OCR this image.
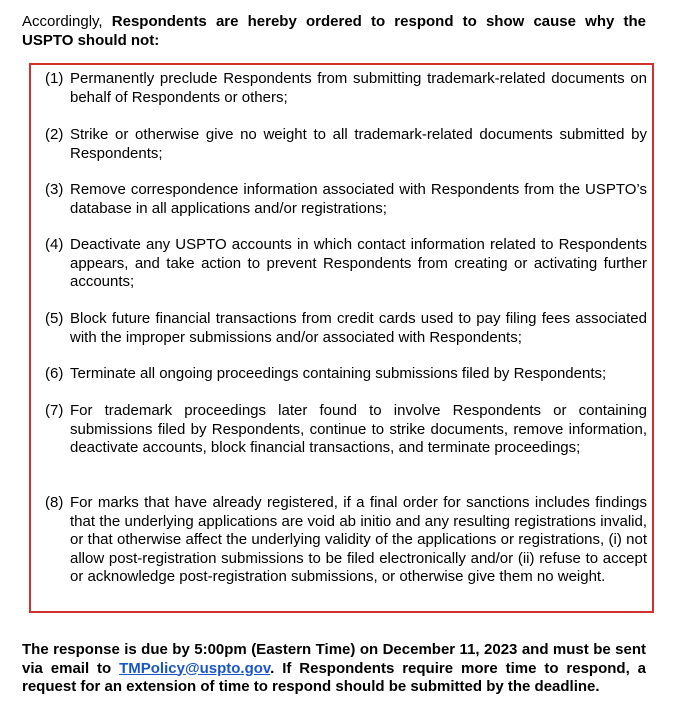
Accordingly, Respondents are hereby ordered to respond to show cause why the USPTO should not:
(1) Permanently preclude Respondents from submitting trademark-related documents on behalf of Respondents or others;
(2) Strike or otherwise give no weight to all trademark-related documents submitted by Respondents;
(3) Remove correspondence information associated with Respondents from the USPTO’s database in all applications and/or registrations;
(4) Deactivate any USPTO accounts in which contact information related to Respondents appears, and take action to prevent Respondents from creating or activating further accounts;
(5) Block future financial transactions from credit cards used to pay filing fees associated with the improper submissions and/or associated with Respondents;
(6) Terminate all ongoing proceedings containing submissions filed by Respondents;
(7) For trademark proceedings later found to involve Respondents or containing submissions filed by Respondents, continue to strike documents, remove information, deactivate accounts, block financial transactions, and terminate proceedings;
(8) For marks that have already registered, if a final order for sanctions includes findings that the underlying applications are void ab initio and any resulting registrations invalid, or that otherwise affect the underlying validity of the applications or registrations, (i) not allow post-registration submissions to be filed electronically and/or (ii) refuse to accept or acknowledge post-registration submissions, or otherwise give them no weight.
The response is due by 5:00pm (Eastern Time) on December 11, 2023 and must be sent via email to TMPolicy@uspto.gov. If Respondents require more time to respond, a request for an extension of time to respond should be submitted by the deadline.
